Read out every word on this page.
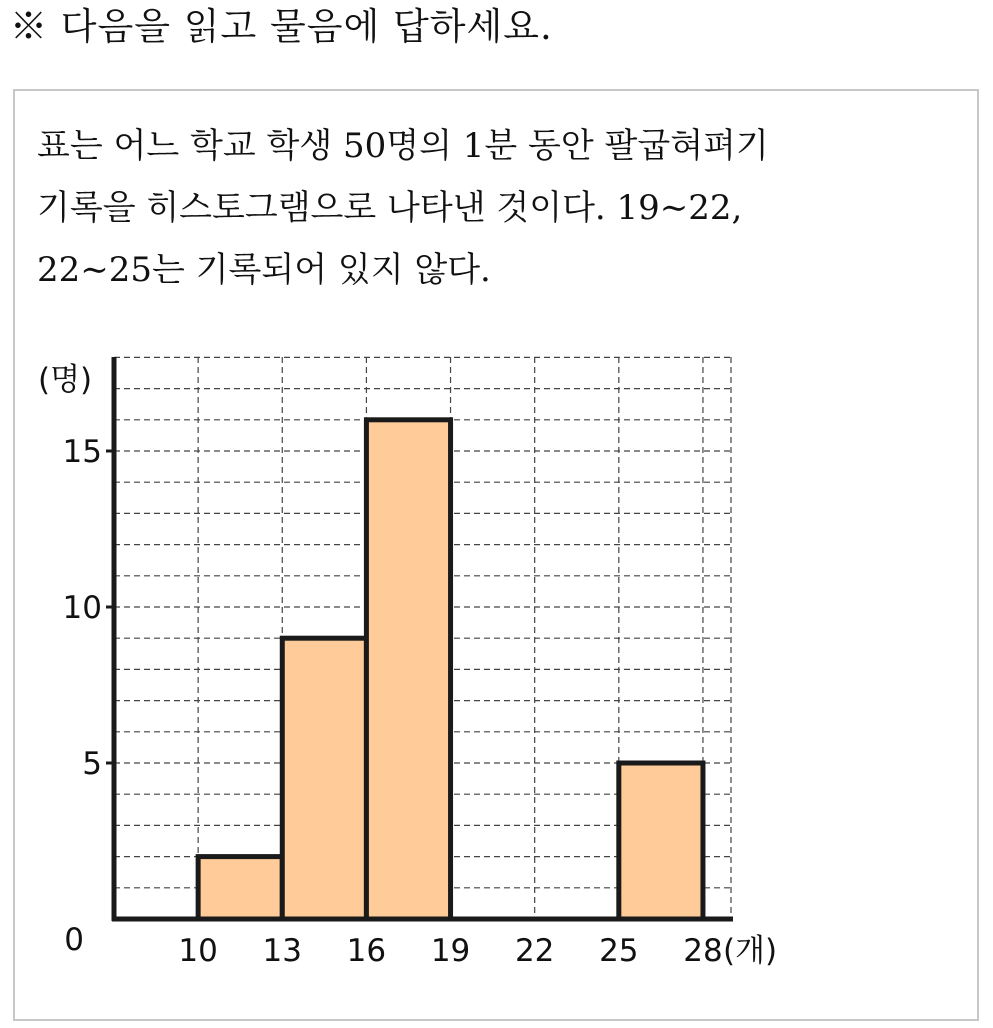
※ 다음을 읽고 물음에 답하세요.

표는 어느 학교 학생 50명의 1분 동안 팔굽혀펴기

기록을 히스토그램으로 나타낸 것이다. 19∼22,

22∼25는 기록되어 있지 않다.

0
5
10
15
10 13 16 19 22 25 28
(명)
(개)
